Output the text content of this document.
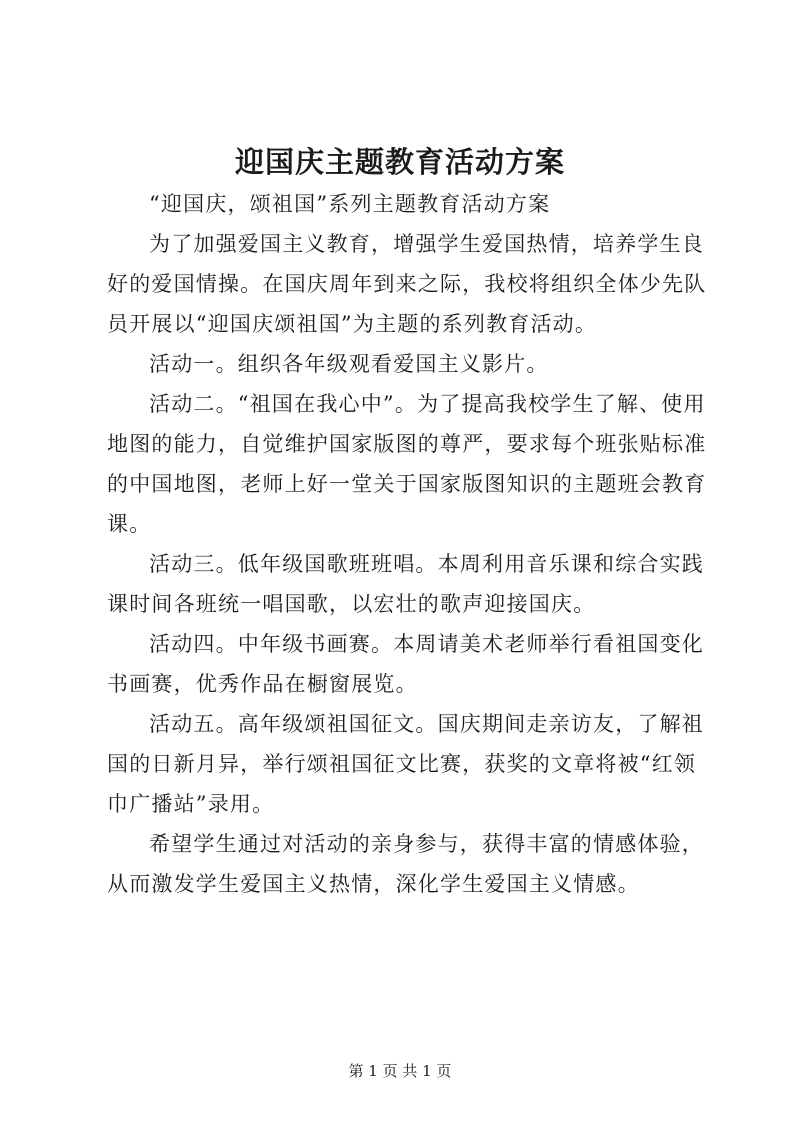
迎国庆主题教育活动方案

“迎国庆，颂祖国”系列主题教育活动方案

为了加强爱国主义教育，增强学生爱国热情，培养学生良好的爱国情操。在国庆周年到来之际，我校将组织全体少先队员开展以“迎国庆颂祖国”为主题的系列教育活动。

活动一。组织各年级观看爱国主义影片。

活动二。“祖国在我心中”。为了提高我校学生了解、使用地图的能力，自觉维护国家版图的尊严，要求每个班张贴标准的中国地图，老师上好一堂关于国家版图知识的主题班会教育课。

活动三。低年级国歌班班唱。本周利用音乐课和综合实践课时间各班统一唱国歌，以宏壮的歌声迎接国庆。

活动四。中年级书画赛。本周请美术老师举行看祖国变化书画赛，优秀作品在橱窗展览。

活动五。高年级颂祖国征文。国庆期间走亲访友，了解祖国的日新月异，举行颂祖国征文比赛，获奖的文章将被“红领巾广播站”录用。

希望学生通过对活动的亲身参与，获得丰富的情感体验，从而激发学生爱国主义热情，深化学生爱国主义情感。

第 1 页 共 1 页
